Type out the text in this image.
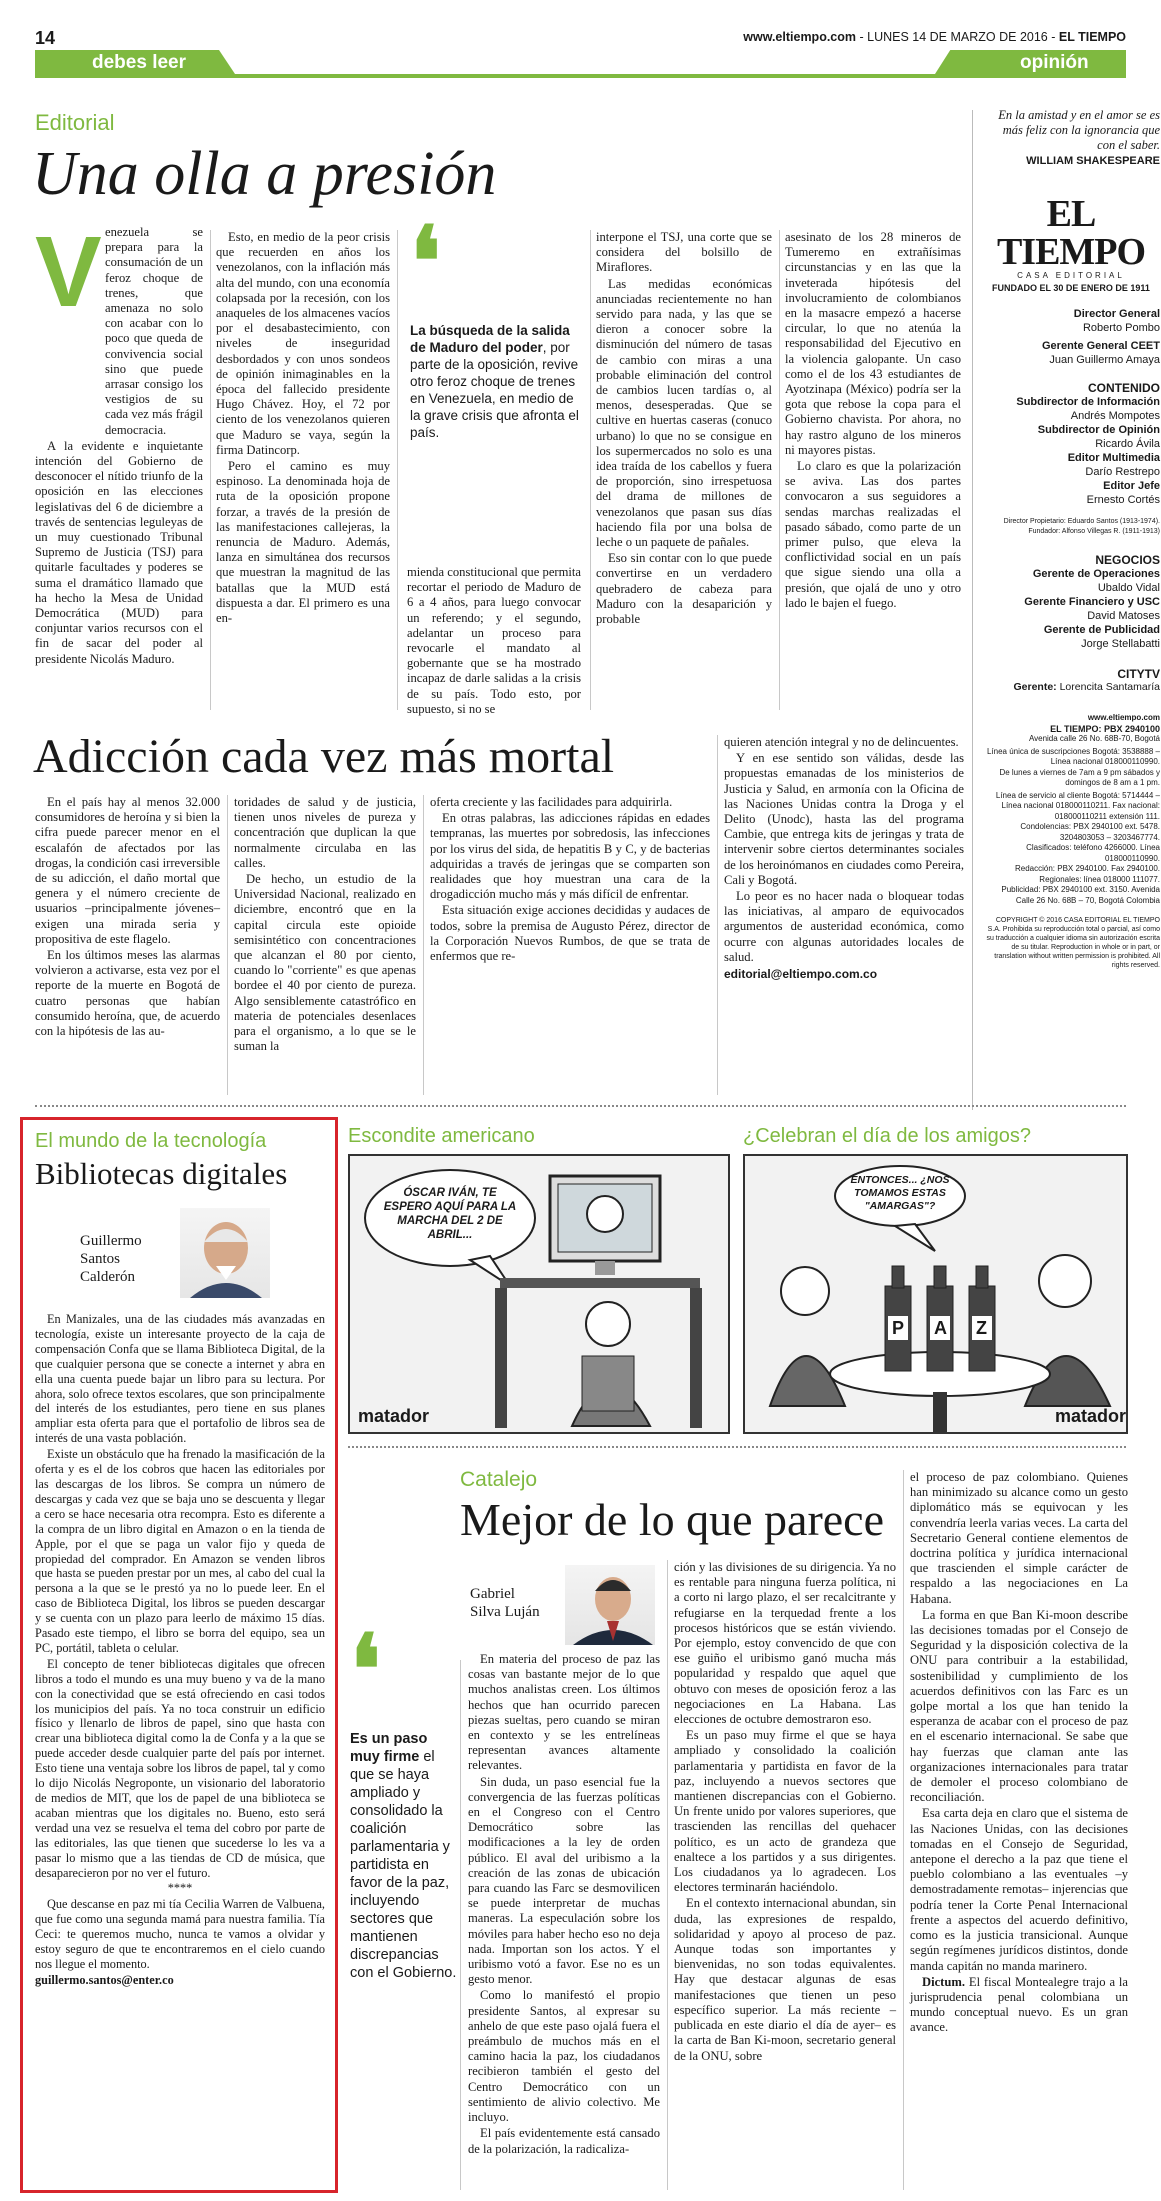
14	www.eltiempo.com - LUNES 14 DE MARZO DE 2016 - EL TIEMPO
debes leer	opinión
Editorial
Una olla a presión
V enezuela se prepara para la consumación de un feroz choque de trenes, que amenaza no solo con acabar con lo poco que queda de convivencia social sino que puede arrasar consigo los vestigios de su cada vez más frágil democracia.

A la evidente e inquietante intención del Gobierno de desconocer el nítido triunfo de la oposición en las elecciones legislativas del 6 de diciembre a través de sentencias leguleyas de un muy cuestionado Tribunal Supremo de Justicia (TSJ) para quitarle facultades y poderes se suma el dramático llamado que ha hecho la Mesa de Unidad Democrática (MUD) para conjuntar varios recursos con el fin de sacar del poder al presidente Nicolás Maduro.

Esto, en medio de la peor crisis que recuerden en años los venezolanos, con la inflación más alta del mundo, con una economía colapsada por la recesión, con los anaqueles de los almacenes vacíos por el desabastecimiento, con niveles de inseguridad desbordados y con unos sondeos de opinión inimaginables en la época del fallecido presidente Hugo Chávez. Hoy, el 72 por ciento de los venezolanos quieren que Maduro se vaya, según la firma Datincorp.

Pero el camino es muy espinoso. La denominada hoja de ruta de la oposición propone forzar, a través de la presión de las manifestaciones callejeras, la renuncia de Maduro. Además, lanza en simultánea dos recursos que muestran la magnitud de las batallas que la MUD está dispuesta a dar. El primero es una en-

❛
La búsqueda de la salida de Maduro del poder, por parte de la oposición, revive otro feroz choque de trenes en Venezuela, en medio de la grave crisis que afronta el país.

mienda constitucional que permita recortar el periodo de Maduro de 6 a 4 años, para luego convocar un referendo; y el segundo, adelantar un proceso para revocarle el mandato al gobernante que se ha mostrado incapaz de darle salidas a la crisis de su país. Todo esto, por supuesto, si no se

interpone el TSJ, una corte que se considera del bolsillo de Miraflores.

Las medidas económicas anunciadas recientemente no han servido para nada, y las que se dieron a conocer sobre la disminución del número de tasas de cambio con miras a una probable eliminación del control de cambios lucen tardías o, al menos, desesperadas. Que se cultive en huertas caseras (conuco urbano) lo que no se consigue en los supermercados no solo es una idea traída de los cabellos y fuera de proporción, sino irrespetuosa del drama de millones de venezolanos que pasan sus días haciendo fila por una bolsa de leche o un paquete de pañales.

Eso sin contar con lo que puede convertirse en un verdadero quebradero de cabeza para Maduro con la desaparición y probable

asesinato de los 28 mineros de Tumeremo en extrañísimas circunstancias y en las que la inveterada hipótesis del involucramiento de colombianos en la masacre empezó a hacerse circular, lo que no atenúa la responsabilidad del Ejecutivo en la violencia galopante. Un caso como el de los 43 estudiantes de Ayotzinapa (México) podría ser la gota que rebose la copa para el Gobierno chavista. Por ahora, no hay rastro alguno de los mineros ni mayores pistas.

Lo claro es que la polarización se aviva. Las dos partes convocaron a sus seguidores a sendas marchas realizadas el pasado sábado, como parte de un primer pulso, que eleva la conflictividad social en un país que sigue siendo una olla a presión, que ojalá de uno y otro lado le bajen el fuego.

En la amistad y en el amor se es más feliz con la ignorancia que con el saber.
WILLIAM SHAKESPEARE
EL TIEMPO
CASA EDITORIAL
FUNDADO EL 30 DE ENERO DE 1911
Director General
Roberto Pombo
Gerente General CEET
Juan Guillermo Amaya
CONTENIDO
Subdirector de Información
Andrés Mompotes
Subdirector de Opinión
Ricardo Ávila
Editor Multimedia
Darío Restrepo
Editor Jefe
Ernesto Cortés
Director Propietario: Eduardo Santos (1913-1974). Fundador: Alfonso Villegas R. (1911-1913)
NEGOCIOS
Gerente de Operaciones
Ubaldo Vidal
Gerente Financiero y USC
David Matoses
Gerente de Publicidad
Jorge Stellabatti
CITYTV
Gerente: Lorencita Santamaría
www.eltiempo.com
EL TIEMPO: PBX 2940100
Avenida calle 26 No. 68B-70, Bogotá
Línea única de suscripciones Bogotá: 3538888 – Línea nacional 018000110990.
De lunes a viernes de 7am a 9 pm sábados y domingos de 8 am a 1 pm.
Línea de servicio al cliente Bogotá: 5714444 – Línea nacional 018000110211. Fax nacional: 018000110211 extensión 111.
Condolencias: PBX 2940100 ext. 5478. 3204803053 – 3203467774.
Clasificados: teléfono 4266000. Línea 018000110990.
Redacción: PBX 2940100. Fax 2940100.
Regionales: línea 018000 111077.
Publicidad: PBX 2940100 ext. 3150. Avenida Calle 26 No. 68B – 70, Bogotá Colombia
COPYRIGHT © 2016 CASA EDITORIAL EL TIEMPO S.A. Prohibida su reproducción total o parcial, así como su traducción a cualquier idioma sin autorización escrita de su titular. Reproduction in whole or in part, or translation without written permission is prohibited. All rights reserved.
Adicción cada vez más mortal

En el país hay al menos 32.000 consumidores de heroína y si bien la cifra puede parecer menor en el escalafón de afectados por las drogas, la condición casi irreversible de su adicción, el daño mortal que genera y el número creciente de usuarios –principalmente jóvenes– exigen una mirada seria y propositiva de este flagelo.

En los últimos meses las alarmas volvieron a activarse, esta vez por el reporte de la muerte en Bogotá de cuatro personas que habían consumido heroína, que, de acuerdo con la hipótesis de las au-

toridades de salud y de justicia, tienen unos niveles de pureza y concentración que duplican la que normalmente circulaba en las calles.

De hecho, un estudio de la Universidad Nacional, realizado en diciembre, encontró que en la capital circula este opioide semisintético con concentraciones que alcanzan el 80 por ciento, cuando lo "corriente" es que apenas bordee el 40 por ciento de pureza. Algo sensiblemente catastrófico en materia de potenciales desenlaces para el organismo, a lo que se le suman la

oferta creciente y las facilidades para adquirirla.

En otras palabras, las adicciones rápidas en edades tempranas, las muertes por sobredosis, las infecciones por los virus del sida, de hepatitis B y C, y de bacterias adquiridas a través de jeringas que se comparten son realidades que hoy muestran una cara de la drogadicción mucho más y más difícil de enfrentar.

Esta situación exige acciones decididas y audaces de todos, sobre la premisa de Augusto Pérez, director de la Corporación Nuevos Rumbos, de que se trata de enfermos que re-

quieren atención integral y no de delincuentes.

Y en ese sentido son válidas, desde las propuestas emanadas de los ministerios de Justicia y Salud, en armonía con la Oficina de las Naciones Unidas contra la Droga y el Delito (Unodc), hasta las del programa Cambie, que entrega kits de jeringas y trata de intervenir sobre ciertos determinantes sociales de los heroinómanos en ciudades como Pereira, Cali y Bogotá.

Lo peor es no hacer nada o bloquear todas las iniciativas, al amparo de equivocados argumentos de austeridad económica, como ocurre con algunas autoridades locales de salud.

editorial@eltiempo.com.co

El mundo de la tecnología
Bibliotecas digitales
Guillermo
Santos
Calderón

En Manizales, una de las ciudades más avanzadas en tecnología, existe un interesante proyecto de la caja de compensación Confa que se llama Biblioteca Digital, de la que cualquier persona que se conecte a internet y abra en ella una cuenta puede bajar un libro para su lectura. Por ahora, solo ofrece textos escolares, que son principalmente del interés de los estudiantes, pero tiene en sus planes ampliar esta oferta para que el portafolio de libros sea de interés de una vasta población.

Existe un obstáculo que ha frenado la masificación de la oferta y es el de los cobros que hacen las editoriales por las descargas de los libros. Se compra un número de descargas y cada vez que se baja uno se descuenta y llegar a cero se hace necesaria otra recompra. Esto es diferente a la compra de un libro digital en Amazon o en la tienda de Apple, por el que se paga un valor fijo y queda de propiedad del comprador. En Amazon se venden libros que hasta se pueden prestar por un mes, al cabo del cual la persona a la que se le prestó ya no lo puede leer. En el caso de Biblioteca Digital, los libros se pueden descargar y se cuenta con un plazo para leerlo de máximo 15 días. Pasado este tiempo, el libro se borra del equipo, sea un PC, portátil, tableta o celular.

El concepto de tener bibliotecas digitales que ofrecen libros a todo el mundo es una muy bueno y va de la mano con la conectividad que se está ofreciendo en casi todos los municipios del país. Ya no toca construir un edificio físico y llenarlo de libros de papel, sino que hasta con crear una biblioteca digital como la de Confa y a la que se puede acceder desde cualquier parte del país por internet. Esto tiene una ventaja sobre los libros de papel, tal y como lo dijo Nicolás Negroponte, un visionario del laboratorio de medios de MIT, que los de papel de una biblioteca se acaban mientras que los digitales no. Bueno, esto será verdad una vez se resuelva el tema del cobro por parte de las editoriales, las que tienen que sucederse lo les va a pasar lo mismo que a las tiendas de CD de música, que desaparecieron por no ver el futuro.

****

Que descanse en paz mi tía Cecilia Warren de Valbuena, que fue como una segunda mamá para nuestra familia. Tía Ceci: te queremos mucho, nunca te vamos a olvidar y estoy seguro de que te encontraremos en el cielo cuando nos llegue el momento.

guillermo.santos@enter.co

Escondite americano
ÓSCAR IVÁN, TE ESPERO AQUÍ PARA LA MARCHA DEL 2 DE ABRIL...
matador
¿Celebran el día de los amigos?
ENTONCES... ¿NOS TOMAMOS ESTAS "AMARGAS"?
P A Z
matador
Catalejo
Mejor de lo que parece
Gabriel
Silva Luján
❛
Es un paso muy firme el que se haya ampliado y consolidado la coalición parlamentaria y partidista en favor de la paz, incluyendo sectores que mantienen discrepancias con el Gobierno.

En materia del proceso de paz las cosas van bastante mejor de lo que muchos analistas creen. Los últimos hechos que han ocurrido parecen piezas sueltas, pero cuando se miran en contexto y se les entrelíneas representan avances altamente relevantes.

Sin duda, un paso esencial fue la convergencia de las fuerzas políticas en el Congreso con el Centro Democrático sobre las modificaciones a la ley de orden público. El aval del uribismo a la creación de las zonas de ubicación para cuando las Farc se desmovilicen se puede interpretar de muchas maneras. La especulación sobre los móviles para haber hecho eso no deja nada. Importan son los actos. Y el uribismo votó a favor. Ese no es un gesto menor.

Como lo manifestó el propio presidente Santos, al expresar su anhelo de que este paso ojalá fuera el preámbulo de muchos más en el camino hacia la paz, los ciudadanos recibieron también el gesto del Centro Democrático con un sentimiento de alivio colectivo. Me incluyo.

El país evidentemente está cansado de la polarización, la radicaliza-

ción y las divisiones de su dirigencia. Ya no es rentable para ninguna fuerza política, ni a corto ni largo plazo, el ser recalcitrante y refugiarse en la terquedad frente a los procesos históricos que se están viviendo. Por ejemplo, estoy convencido de que con ese guiño el uribismo ganó mucha más popularidad y respaldo que aquel que obtuvo con meses de oposición feroz a las negociaciones en La Habana. Las elecciones de octubre demostraron eso.

Es un paso muy firme el que se haya ampliado y consolidado la coalición parlamentaria y partidista en favor de la paz, incluyendo a nuevos sectores que mantienen discrepancias con el Gobierno. Un frente unido por valores superiores, que trascienden las rencillas del quehacer político, es un acto de grandeza que enaltece a los partidos y a sus dirigentes. Los ciudadanos ya lo agradecen. Los electores terminarán haciéndolo.

En el contexto internacional abundan, sin duda, las expresiones de respaldo, solidaridad y apoyo al proceso de paz. Aunque todas son importantes y bienvenidas, no son todas equivalentes. Hay que destacar algunas de esas manifestaciones que tienen un peso específico superior. La más reciente –publicada en este diario el día de ayer– es la carta de Ban Ki-moon, secretario general de la ONU, sobre

el proceso de paz colombiano. Quienes han minimizado su alcance como un gesto diplomático más se equivocan y les convendría leerla varias veces. La carta del Secretario General contiene elementos de doctrina política y jurídica internacional que trascienden el simple carácter de respaldo a las negociaciones en La Habana.

La forma en que Ban Ki-moon describe las decisiones tomadas por el Consejo de Seguridad y la disposición colectiva de la ONU para contribuir a la estabilidad, sostenibilidad y cumplimiento de los acuerdos definitivos con las Farc es un golpe mortal a los que han tenido la esperanza de acabar con el proceso de paz en el escenario internacional. Se sabe que hay fuerzas que claman ante las organizaciones internacionales para tratar de demoler el proceso colombiano de reconciliación.

Esa carta deja en claro que el sistema de las Naciones Unidas, con las decisiones tomadas en el Consejo de Seguridad, antepone el derecho a la paz que tiene el pueblo colombiano a las eventuales –y demostradamente remotas– injerencias que podría tener la Corte Penal Internacional frente a aspectos del acuerdo definitivo, como es la justicia transicional. Aunque según regímenes jurídicos distintos, donde manda capitán no manda marinero.

Dictum. El fiscal Montealegre trajo a la jurisprudencia penal colombiana un mundo conceptual nuevo. Es un gran avance.
